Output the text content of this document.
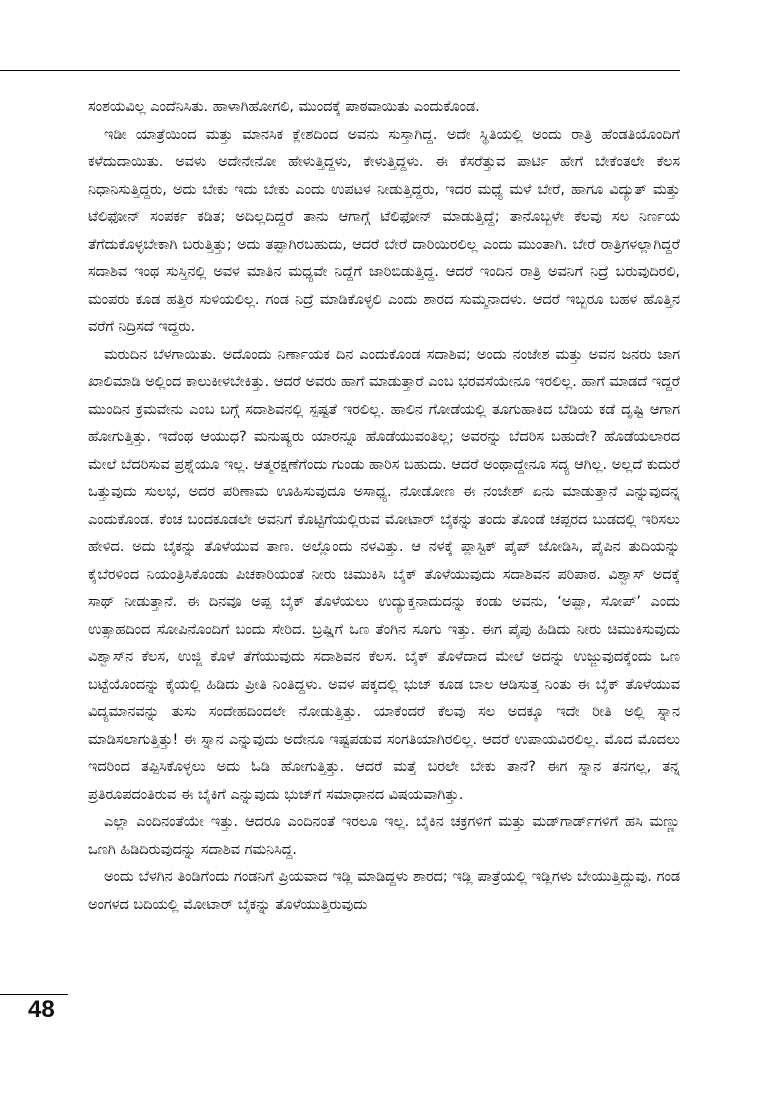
ಸಂಶಯವಿಲ್ಲ ಎಂದೆನಿಸಿತು. ಹಾಳಾಗಿಹೋಗಲಿ, ಮುಂದಕ್ಕೆ ಪಾಠವಾಯಿತು ಎಂದುಕೊಂಡ.

ಇಡೀ ಯಾತ್ರೆಯಿಂದ ಮತ್ತು ಮಾನಸಿಕ ಕ್ಲೇಶದಿಂದ ಅವನು ಸುಸ್ತಾಗಿದ್ದ. ಅದೇ ಸ್ಥಿತಿಯಲ್ಲಿ ಅಂದು ರಾತ್ರಿ ಹೆಂಡತಿಯೊಂದಿಗೆ ಕಳೆದುದಾಯಿತು. ಅವಳು ಅದೇನೇನೋ ಹೇಳುತ್ತಿದ್ದಳು, ಕೇಳುತ್ತಿದ್ದಳು. ಈ ಕೆಸರೆತ್ತುವ ಪಾರ್ಟಿ ಹೇಗೆ ಬೇಕೆಂತಲೇ ಕೆಲಸ ನಿಧಾನಿಸುತ್ತಿದ್ದರು, ಅದು ಬೇಕು ಇದು ಬೇಕು ಎಂದು ಉಪಟಳ ನೀಡುತ್ತಿದ್ದರು, ಇದರ ಮಧ್ಯೆ ಮಳೆ ಬೇರೆ, ಹಾಗೂ ವಿದ್ಯುತ್ ಮತ್ತು ಟೆಲಿಫೋನ್ ಸಂಪರ್ಕ ಕಡಿತ; ಅದಿಲ್ಲದಿದ್ದರೆ ತಾನು ಆಗಾಗ್ಗೆ ಟೆಲಿಫೋನ್ ಮಾಡುತ್ತಿದ್ದೆ; ತಾನೊಬ್ಬಳೇ ಕೆಲವು ಸಲ ನಿರ್ಣಯ ತೆಗೆದುಕೊಳ್ಳಬೇಕಾಗಿ ಬರುತ್ತಿತ್ತು; ಅದು ತಪ್ಪಾಗಿರಬಹುದು, ಆದರೆ ಬೇರೆ ದಾರಿಯಿರಲಿಲ್ಲ ಎಂದು ಮುಂತಾಗಿ. ಬೇರೆ ರಾತ್ರಿಗಳಲ್ಲಾಗಿದ್ದರೆ ಸದಾಶಿವ ಇಂಥ ಸುಸ್ತಿನಲ್ಲಿ ಅವಳ ಮಾತಿನ ಮಧ್ಯವೇ ನಿದ್ದೆಗೆ ಜಾರಿಬಿಡುತ್ತಿದ್ದ. ಆದರೆ ಇಂದಿನ ರಾತ್ರಿ ಅವನಿಗೆ ನಿದ್ರೆ ಬರುವುದಿರಲಿ, ಮಂಪರು ಕೂಡ ಹತ್ತಿರ ಸುಳಿಯಲಿಲ್ಲ. ಗಂಡ ನಿದ್ರೆ ಮಾಡಿಕೊಳ್ಳಲಿ ಎಂದು ಶಾರದ ಸುಮ್ಮನಾದಳು. ಆದರೆ ಇಬ್ಬರೂ ಬಹಳ ಹೊತ್ತಿನ ವರೆಗೆ ನಿದ್ರಿಸದೆ ಇದ್ದರು.

ಮರುದಿನ ಬೆಳಗಾಯಿತು. ಅದೊಂದು ನಿರ್ಣಾಯಕ ದಿನ ಎಂದುಕೊಂಡ ಸದಾಶಿವ; ಅಂದು ನಂಜೇಶ ಮತ್ತು ಅವನ ಜನರು ಜಾಗ ಖಾಲಿಮಾಡಿ ಅಲ್ಲಿಂದ ಕಾಲುಕೀಳಬೇಕಿತ್ತು. ಆದರೆ ಅವರು ಹಾಗೆ ಮಾಡುತ್ತಾರೆ ಎಂಬ ಭರವಸೆಯೇನೂ ಇರಲಿಲ್ಲ. ಹಾಗೆ ಮಾಡದೆ ಇದ್ದರೆ ಮುಂದಿನ ಕ್ರಮವೇನು ಎಂಬ ಬಗ್ಗೆ ಸದಾಶಿವನಲ್ಲಿ ಸ್ಪಷ್ಟತೆ ಇರಲಿಲ್ಲ. ಹಾಲಿನ ಗೋಡೆಯಲ್ಲಿ ತೂಗುಹಾಕಿದ ಬೆಡಿಯ ಕಡೆ ದೃಷ್ಟಿ ಆಗಾಗ ಹೋಗುತ್ತಿತ್ತು. ಇದೆಂಥ ಆಯುಧ? ಮನುಷ್ಯರು ಯಾರನ್ನೂ ಹೊಡೆಯುವಂತಿಲ್ಲ; ಅವರನ್ನು ಬೆದರಿಸ ಬಹುದೇ? ಹೊಡೆಯಲಾರದ ಮೇಲೆ ಬೆದರಿಸುವ ಪ್ರಶ್ನೆಯೂ ಇಲ್ಲ. ಆತ್ಮರಕ್ಷಣೆಗೆಂದು ಗುಂಡು ಹಾರಿಸ ಬಹುದು. ಆದರೆ ಅಂಥಾದ್ದೇನೂ ಸದ್ಯ ಆಗಿಲ್ಲ. ಅಲ್ಲದೆ ಕುದುರೆ ಒತ್ತುವುದು ಸುಲಭ, ಅದರ ಪರಿಣಾಮ ಊಹಿಸುವುದೂ ಅಸಾಧ್ಯ. ನೋಡೋಣ ಈ ನಂಜೇಶ್ ಏನು ಮಾಡುತ್ತಾನೆ ಎನ್ನುವುದನ್ನ ಎಂದುಕೊಂಡ. ಕೆಂಚ ಬಂದಕೂಡಲೇ ಅವನಿಗೆ ಕೊಟ್ಟಿಗೆಯಲ್ಲಿರುವ ಮೋಟಾರ್ ಬೈಕನ್ನು ತಂದು ತೊಂಡೆ ಚಪ್ಪರದ ಬುಡದಲ್ಲಿ ಇರಿಸಲು ಹೇಳಿದ. ಅದು ಬೈಕನ್ನು ತೊಳೆಯುವ ತಾಣ. ಅಲ್ಲೊಂದು ನಳವಿತ್ತು. ಆ ನಳಕ್ಕೆ ಪ್ಲಾಸ್ಟಿಕ್ ಪೈಪ್ ಜೋಡಿಸಿ, ಪೈಪಿನ ತುದಿಯನ್ನು ಕೈಬೆರಳಿಂದ ನಿಯಂತ್ರಿಸಿಕೊಂಡು ಪಿಚಕಾರಿಯಂತೆ ನೀರು ಚಿಮುಕಿಸಿ ಬೈಕ್ ತೊಳೆಯುವುದು ಸದಾಶಿವನ ಪರಿಪಾಠ. ವಿಶ್ವಾಸ್ ಅದಕ್ಕೆ ಸಾಥ್ ನೀಡುತ್ತಾನೆ. ಈ ದಿನವೂ ಅಪ್ಪ ಬೈಕ್ ತೊಳೆಯಲು ಉದ್ಯುಕ್ತನಾದುದನ್ನು ಕಂಡು ಅವನು, ‘ಅಪ್ಪಾ, ಸೋಪ್’ ಎಂದು ಉತ್ಸಾಹದಿಂದ ಸೋಪಿನೊಂದಿಗೆ ಬಂದು ಸೇರಿದ. ಬ್ರಷ್ಷಿಗೆ ಒಣ ತೆಂಗಿನ ಸೂಗು ಇತ್ತು. ಈಗ ಪೈಪು ಹಿಡಿದು ನೀರು ಚಿಮುಕಿಸುವುದು ವಿಶ್ವಾಸ್‌ನ ಕೆಲಸ, ಉಜ್ಜಿ ಕೊಳೆ ತೆಗೆಯುವುದು ಸದಾಶಿವನ ಕೆಲಸ. ಬೈಕ್ ತೊಳೆದಾದ ಮೇಲೆ ಅದನ್ನು ಉಜ್ಜುವುದಕ್ಕೆಂದು ಒಣ ಬಟ್ಟೆಯೊಂದನ್ನು ಕೈಯಲ್ಲಿ ಹಿಡಿದು ಪ್ರೀತಿ ನಿಂತಿದ್ದಳು. ಅವಳ ಪಕ್ಕದಲ್ಲಿ ಭುಜ್ ಕೂಡ ಬಾಲ ಆಡಿಸುತ್ತ ನಿಂತು ಈ ಬೈಕ್ ತೊಳೆಯುವ ವಿದ್ಯಮಾನವನ್ನು ತುಸು ಸಂದೇಹದಿಂದಲೇ ನೋಡುತ್ತಿತ್ತು. ಯಾಕೆಂದರೆ ಕೆಲವು ಸಲ ಅದಕ್ಕೂ ಇದೇ ರೀತಿ ಅಲ್ಲಿ ಸ್ನಾನ ಮಾಡಿಸಲಾಗುತ್ತಿತ್ತು! ಈ ಸ್ನಾನ ಎನ್ನುವುದು ಅದೇನೂ ಇಷ್ಟಪಡುವ ಸಂಗತಿಯಾಗಿರಲಿಲ್ಲ. ಆದರೆ ಉಪಾಯವಿರಲಿಲ್ಲ. ಮೊದ ಮೊದಲು ಇದರಿಂದ ತಪ್ಪಿಸಿಕೊಳ್ಳಲು ಅದು ಓಡಿ ಹೋಗುತ್ತಿತ್ತು. ಆದರೆ ಮತ್ತೆ ಬರಲೇ ಬೇಕು ತಾನೆ? ಈಗ ಸ್ನಾನ ತನಗಲ್ಲ, ತನ್ನ ಪ್ರತಿರೂಪದಂತಿರುವ ಈ ಬೈಕಿಗೆ ಎನ್ನುವುದು ಭುಜ್‌ಗೆ ಸಮಾಧಾನದ ವಿಷಯವಾಗಿತ್ತು.

ಎಲ್ಲಾ ಎಂದಿನಂತೆಯೇ ಇತ್ತು. ಆದರೂ ಎಂದಿನಂತೆ ಇರಲೂ ಇಲ್ಲ. ಬೈಕಿನ ಚಕ್ರಗಳಿಗೆ ಮತ್ತು ಮಡ್‌ಗಾರ್ಡ್‌ಗಳಿಗೆ ಹಸಿ ಮಣ್ಣು ಒಣಗಿ ಹಿಡಿದಿರುವುದನ್ನು ಸದಾಶಿವ ಗಮನಿಸಿದ್ದ.

ಅಂದು ಬೆಳಗಿನ ತಿಂಡಿಗೆಂದು ಗಂಡನಿಗೆ ಪ್ರಿಯವಾದ ಇಡ್ಲಿ ಮಾಡಿದ್ದಳು ಶಾರದ; ಇಡ್ಲಿ ಪಾತ್ರೆಯಲ್ಲಿ ಇಡ್ಲಿಗಳು ಬೇಯುತ್ತಿದ್ದುವು. ಗಂಡ ಅಂಗಳದ ಬದಿಯಲ್ಲಿ ಮೋಟಾರ್ ಬೈಕನ್ನು ತೊಳೆಯುತ್ತಿರುವುದು

48
